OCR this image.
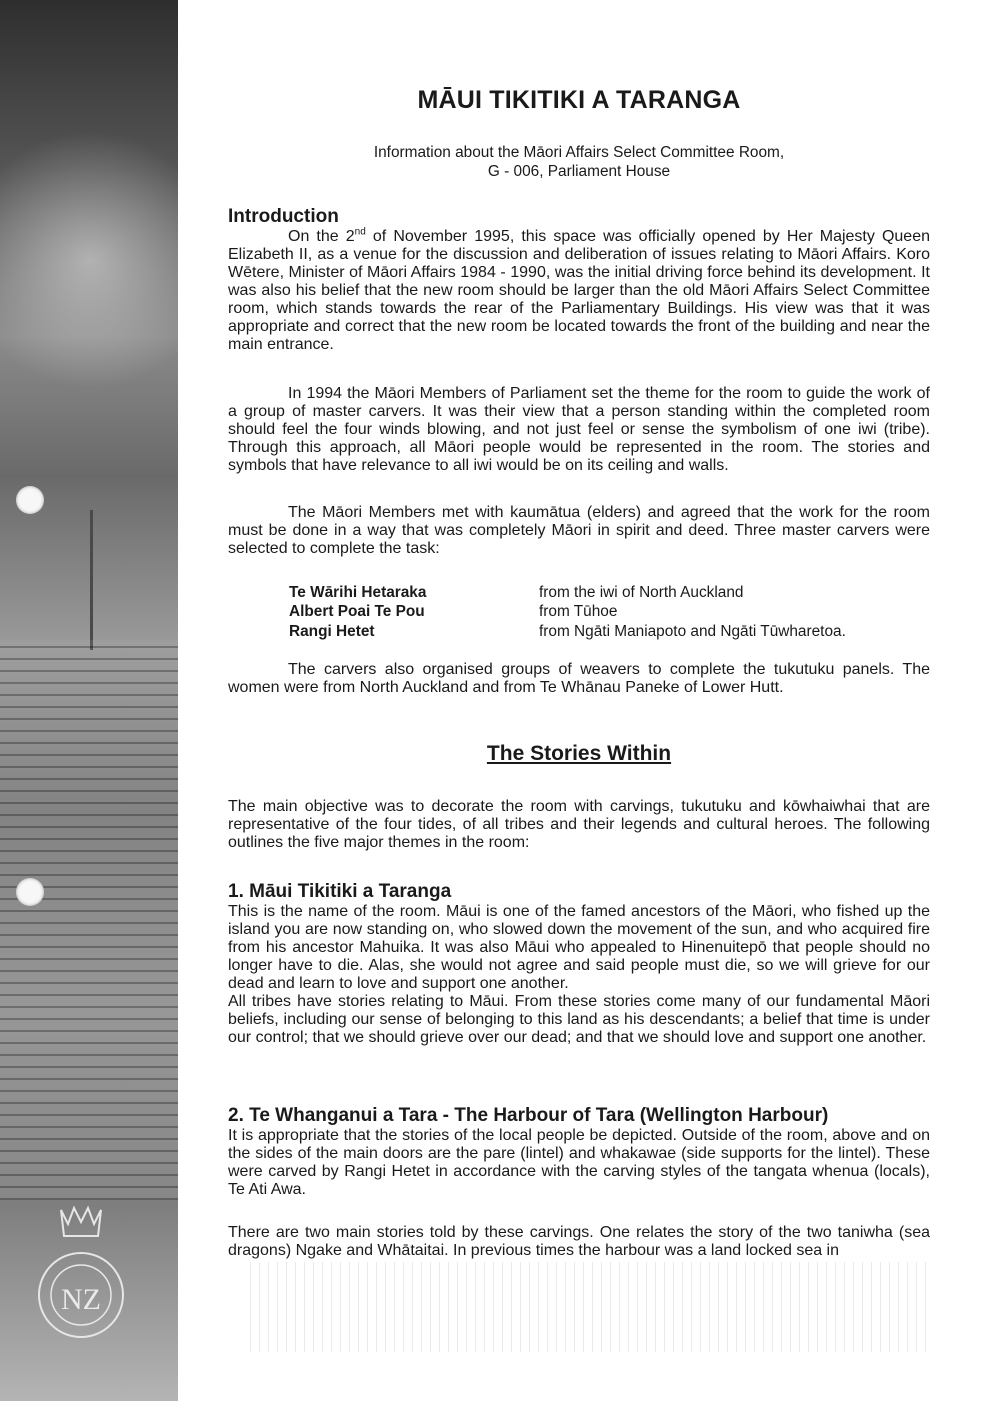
NZ
MĀUI TIKITIKI A TARANGA
Information about the Māori Affairs Select Committee Room,
G - 006, Parliament House
Introduction

On the 2nd of November 1995, this space was officially opened by Her Majesty Queen Elizabeth II, as a venue for the discussion and deliberation of issues relating to Māori Affairs. Koro Wētere, Minister of Māori Affairs 1984 - 1990, was the initial driving force behind its development. It was also his belief that the new room should be larger than the old Māori Affairs Select Committee room, which stands towards the rear of the Parliamentary Buildings. His view was that it was appropriate and correct that the new room be located towards the front of the building and near the main entrance.

In 1994 the Māori Members of Parliament set the theme for the room to guide the work of a group of master carvers. It was their view that a person standing within the completed room should feel the four winds blowing, and not just feel or sense the symbolism of one iwi (tribe). Through this approach, all Māori people would be represented in the room. The stories and symbols that have relevance to all iwi would be on its ceiling and walls.

The Māori Members met with kaumātua (elders) and agreed that the work for the room must be done in a way that was completely Māori in spirit and deed. Three master carvers were selected to complete the task:

Te Wārihi Hetaraka	from the iwi of North Auckland
Albert Poai Te Pou	from Tūhoe
Rangi Hetet	from Ngāti Maniapoto and Ngāti Tūwharetoa.

The carvers also organised groups of weavers to complete the tukutuku panels. The women were from North Auckland and from Te Whānau Paneke of Lower Hutt.

The Stories Within

The main objective was to decorate the room with carvings, tukutuku and kōwhaiwhai that are representative of the four tides, of all tribes and their legends and cultural heroes. The following outlines the five major themes in the room:

1. Māui Tikitiki a Taranga

This is the name of the room. Māui is one of the famed ancestors of the Māori, who fished up the island you are now standing on, who slowed down the movement of the sun, and who acquired fire from his ancestor Mahuika. It was also Māui who appealed to Hinenuitepō that people should no longer have to die. Alas, she would not agree and said people must die, so we will grieve for our dead and learn to love and support one another.

All tribes have stories relating to Māui. From these stories come many of our fundamental Māori beliefs, including our sense of belonging to this land as his descendants; a belief that time is under our control; that we should grieve over our dead; and that we should love and support one another.

2. Te Whanganui a Tara - The Harbour of Tara (Wellington Harbour)

It is appropriate that the stories of the local people be depicted. Outside of the room, above and on the sides of the main doors are the pare (lintel) and whakawae (side supports for the lintel). These were carved by Rangi Hetet in accordance with the carving styles of the tangata whenua (locals), Te Ati Awa.

There are two main stories told by these carvings. One relates the story of the two taniwha (sea dragons) Ngake and Whātaitai. In previous times the harbour was a land locked sea in
